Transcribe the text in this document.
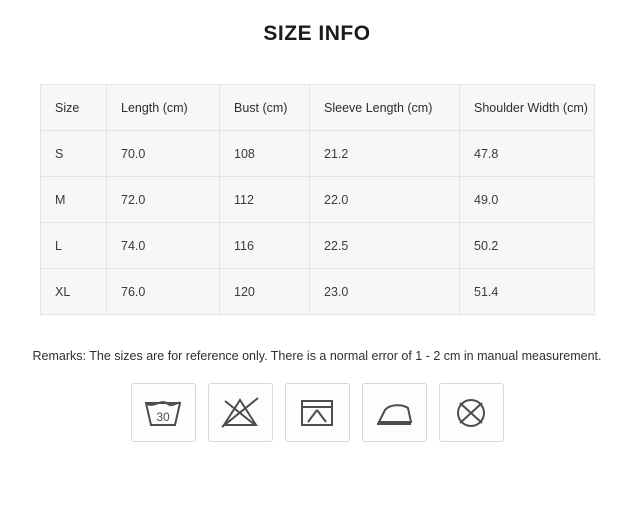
SIZE INFO
Size	Length (cm)	Bust (cm)	Sleeve Length (cm)	Shoulder Width (cm)
S	70.0	108	21.2	47.8
M	72.0	112	22.0	49.0
L	74.0	116	22.5	50.2
XL	76.0	120	23.0	51.4
Remarks: The sizes are for reference only. There is a normal error of 1 - 2 cm in manual measurement.
30
